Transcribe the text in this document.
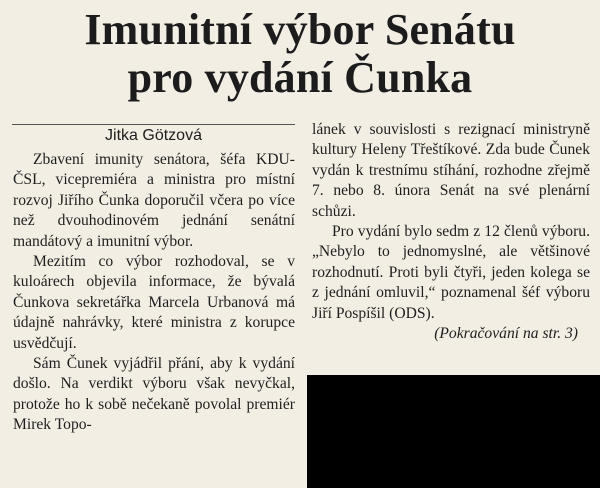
Imunitní výbor Senátu
pro vydání Čunka

Jitka Götzová

Zbavení imunity senátora, šéfa KDU-ČSL, vicepremiéra a ministra pro místní rozvoj Jiřího Čunka doporučil včera po více než dvouhodinovém jednání senátní mandátový a imunitní výbor.

Mezitím co výbor rozhodoval, se v kuloárech objevila informace, že bývalá Čunkova sekretářka Marcela Urbanová má údajně nahrávky, které ministra z korupce usvědčují.

Sám Čunek vyjádřil přání, aby k vydání došlo. Na verdikt výboru však nevyčkal, protože ho k sobě nečekaně povolal premiér Mirek Topo-

lánek v souvislosti s rezignací ministryně kultury Heleny Třeštíkové. Zda bude Čunek vydán k trestnímu stíhání, rozhodne zřejmě 7. nebo 8. února Senát na své plenární schůzi.

Pro vydání bylo sedm z 12 členů výboru. „Nebylo to jednomyslné, ale většinové rozhodnutí. Proti byli čtyři, jeden kolega se z jednání omluvil,“ poznamenal šéf výboru Jiří Pospíšil (ODS).

(Pokračování na str. 3)
